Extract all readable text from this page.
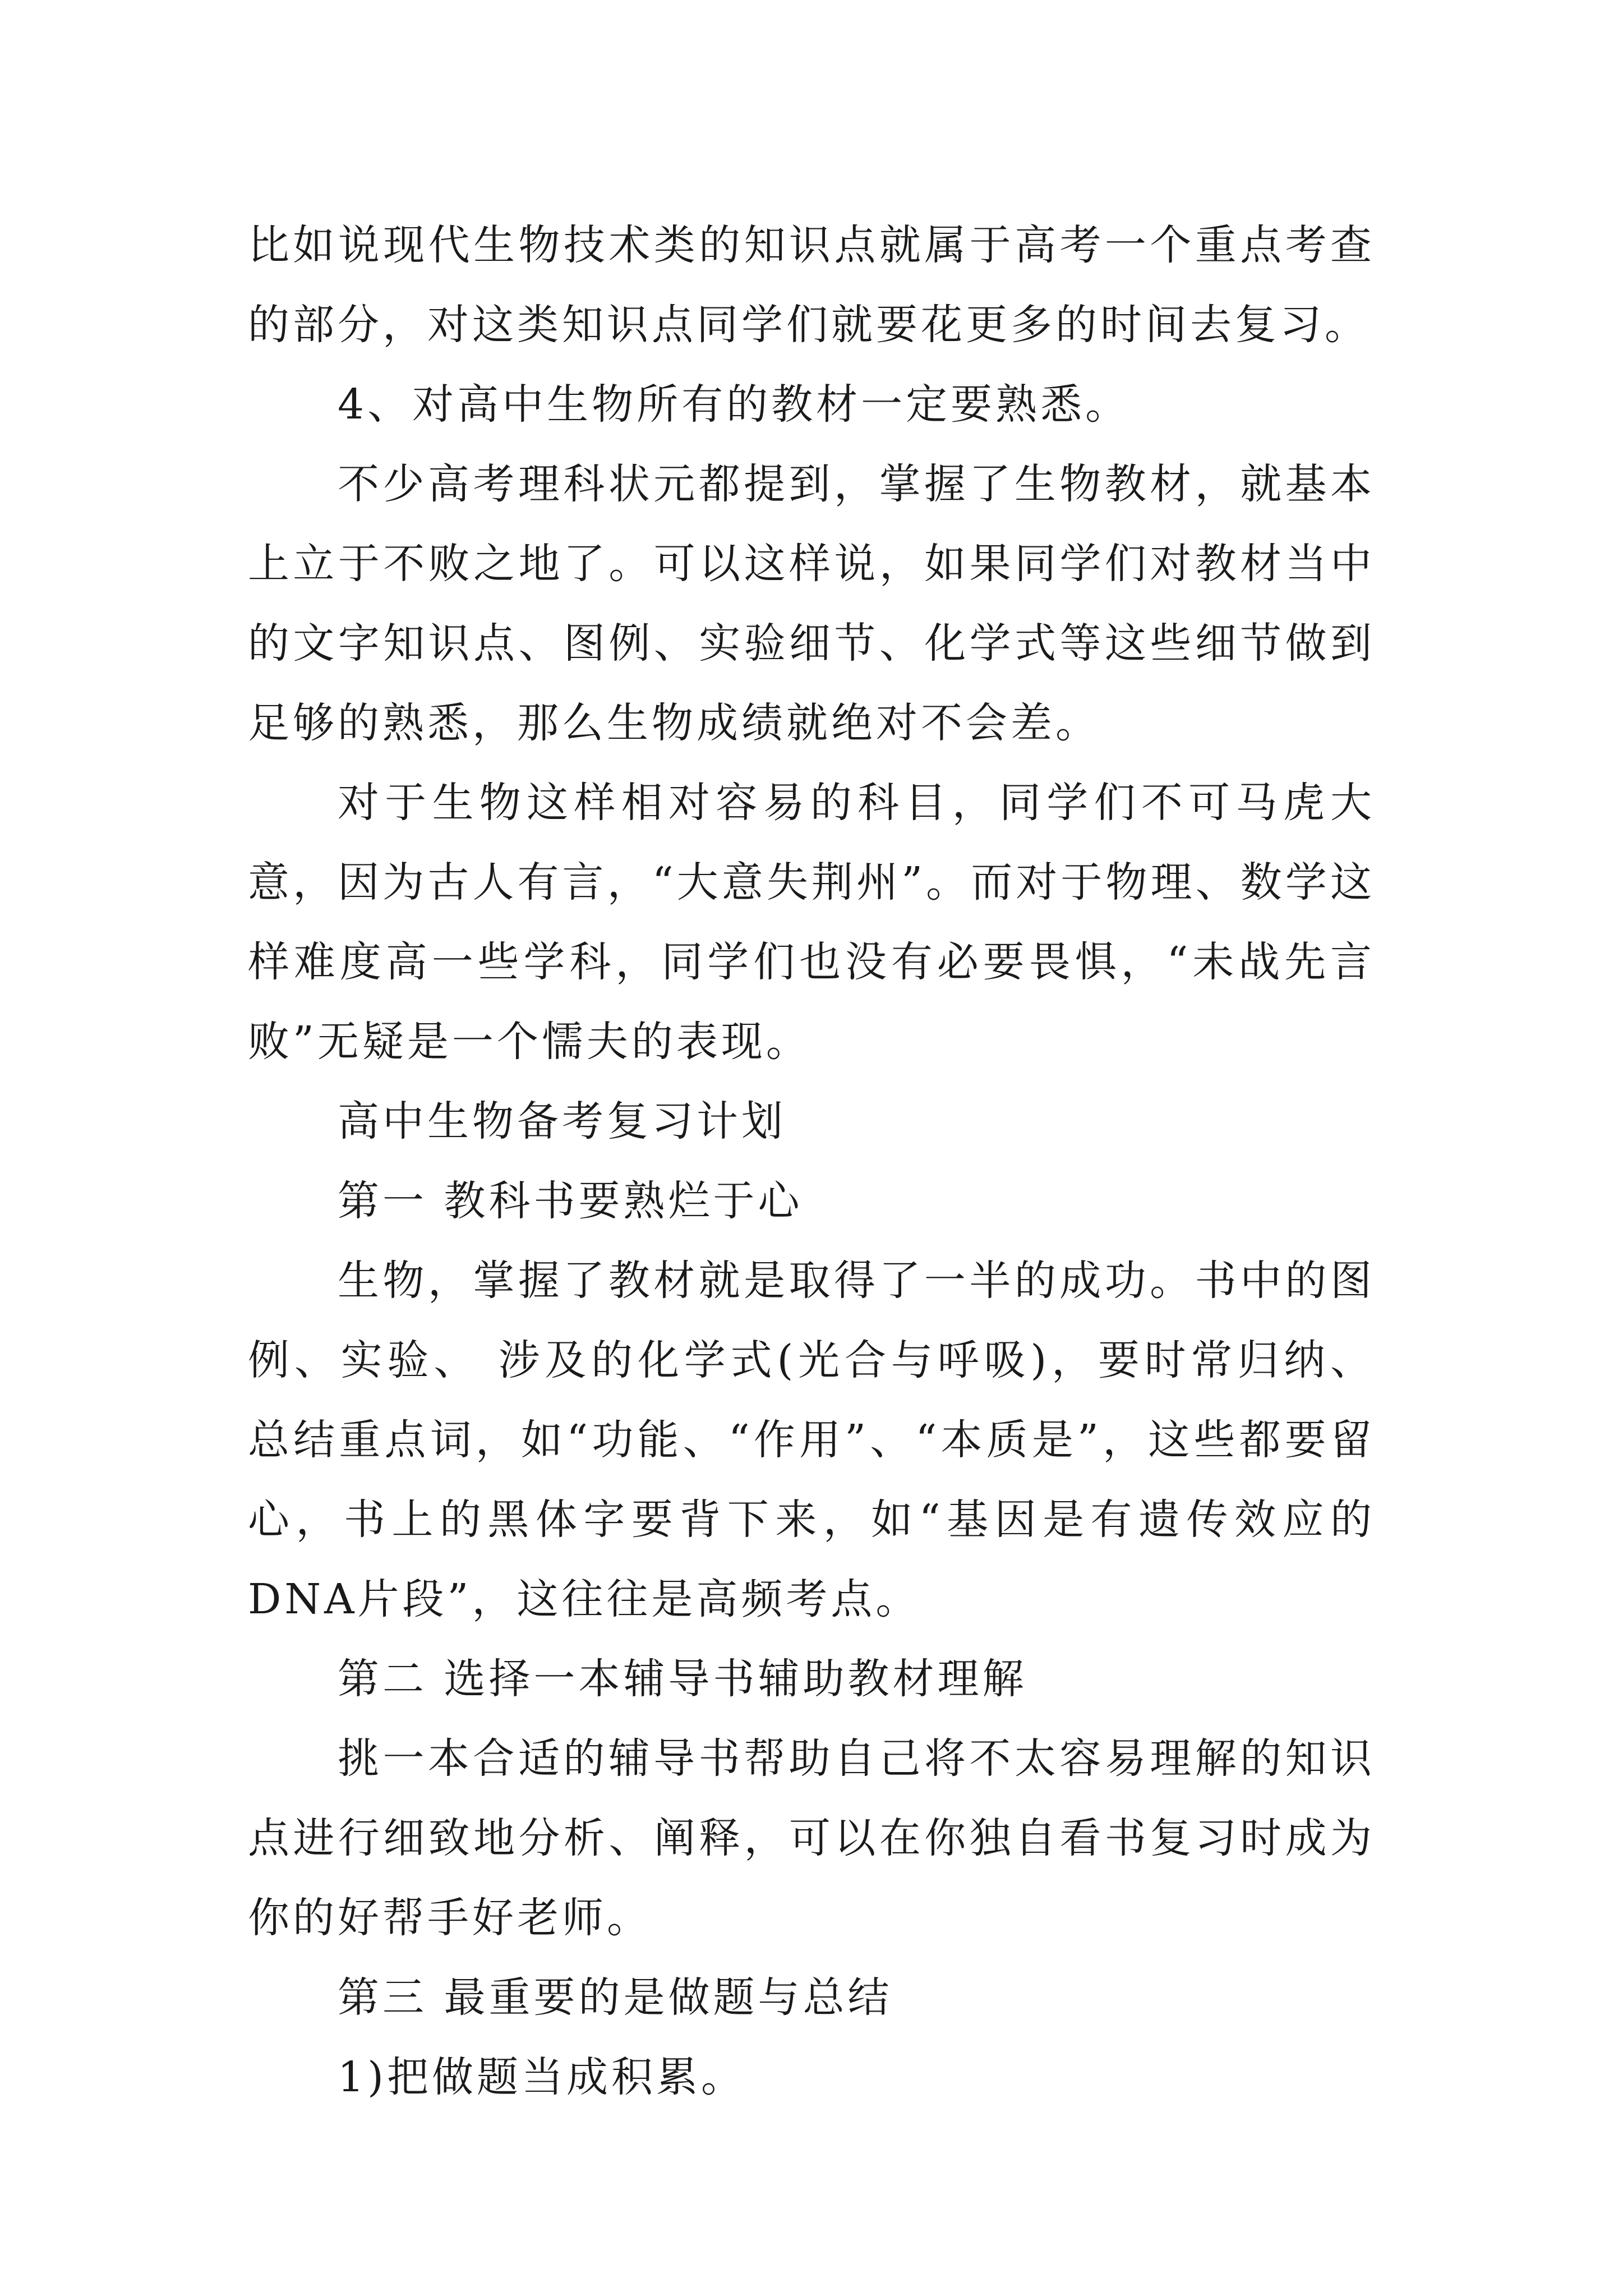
比如说现代生物技术类的知识点就属于高考一个重点考查的部分，对这类知识点同学们就要花更多的时间去复习。

4、对高中生物所有的教材一定要熟悉。

不少高考理科状元都提到，掌握了生物教材，就基本上立于不败之地了。可以这样说，如果同学们对教材当中的文字知识点、图例、实验细节、化学式等这些细节做到足够的熟悉，那么生物成绩就绝对不会差。

对于生物这样相对容易的科目，同学们不可马虎大意，因为古人有言，“大意失荆州”。而对于物理、数学这样难度高一些学科，同学们也没有必要畏惧，“未战先言败”无疑是一个懦夫的表现。

高中生物备考复习计划

第一 教科书要熟烂于心

生物，掌握了教材就是取得了一半的成功。书中的图例、实验、 涉及的化学式(光合与呼吸)，要时常归纳、总结重点词，如“功能、“作用”、“本质是”，这些都要留心，书上的黑体字要背下来，如“基因是有遗传效应的DNA片段”，这往往是高频考点。

第二 选择一本辅导书辅助教材理解

挑一本合适的辅导书帮助自己将不太容易理解的知识点进行细致地分析、阐释，可以在你独自看书复习时成为你的好帮手好老师。

第三 最重要的是做题与总结

1)把做题当成积累。
